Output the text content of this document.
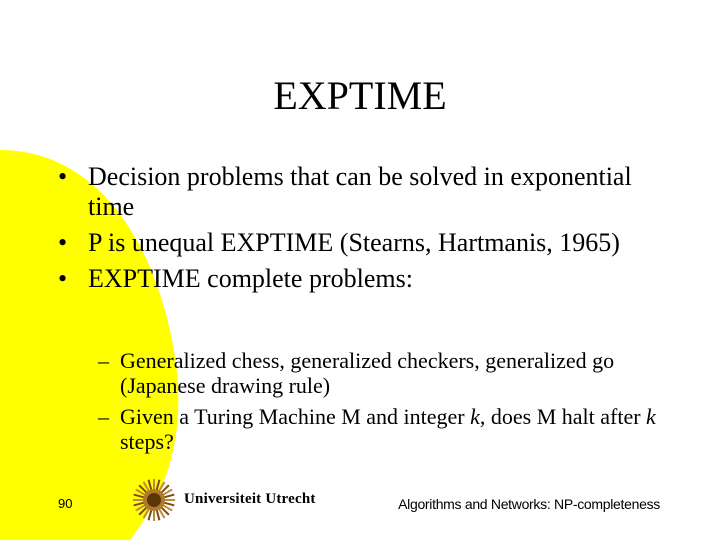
EXPTIME
• Decision problems that can be solved in exponential time
• P is unequal EXPTIME (Stearns, Hartmanis, 1965)
• EXPTIME complete problems:
– Generalized chess, generalized checkers, generalized go (Japanese drawing rule)
– Given a Turing Machine M and integer k, does M halt after k steps?
90	Universiteit Utrecht	Algorithms and Networks: NP-completeness
